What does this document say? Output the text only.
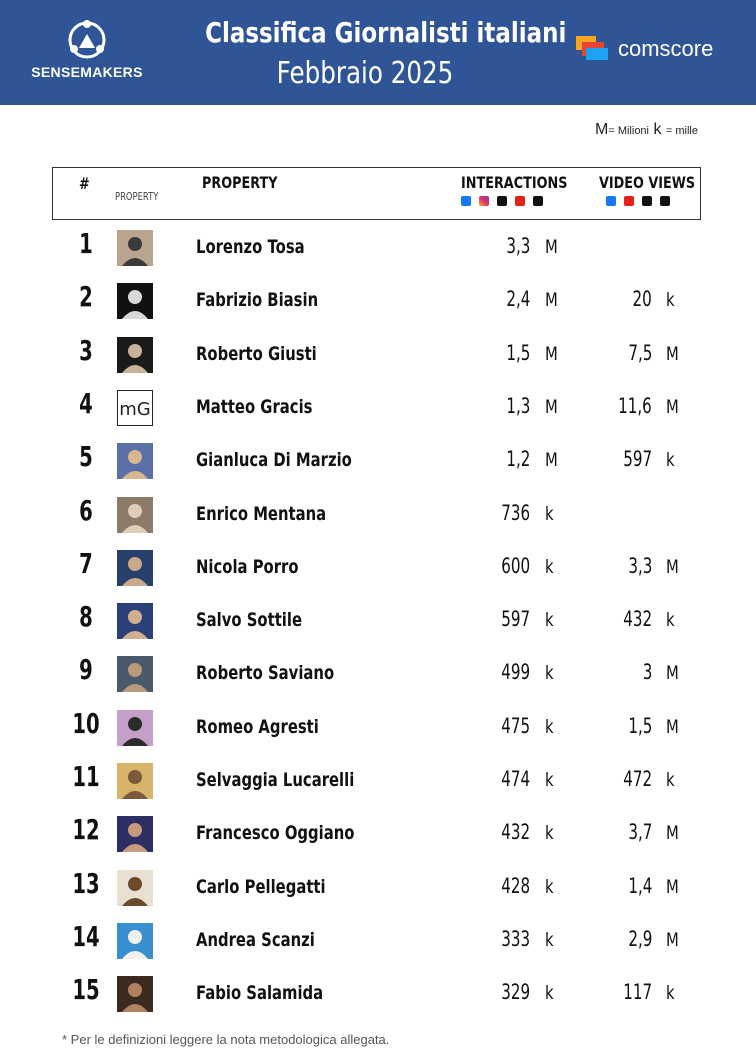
SENSEMAKERS
Classifica Giornalisti italiani
Febbraio 2025
comscore
M= Milioni k = mille
#
PROPERTY
PROPERTY	INTERACTIONS VIDEO VIEWS
1	Lorenzo Tosa	3,3 M
2	Fabrizio Biasin	2,4 M	20 k
3	Roberto Giusti	1,5 M	7,5 M
4	mG Matteo Gracis	1,3 M	11,6 M
5	Gianluca Di Marzio	1,2 M	597 k
6	Enrico Mentana	736 k
7	Nicola Porro	600 k	3,3 M
8	Salvo Sottile	597 k	432 k
9	Roberto Saviano	499 k	3 M
10	Romeo Agresti	475 k	1,5 M
11	Selvaggia Lucarelli	474 k	472 k
12	Francesco Oggiano	432 k	3,7 M
13	Carlo Pellegatti	428 k	1,4 M
14	Andrea Scanzi	333 k	2,9 M
15	Fabio Salamida	329 k	117 k
* Per le definizioni leggere la nota metodologica allegata.
